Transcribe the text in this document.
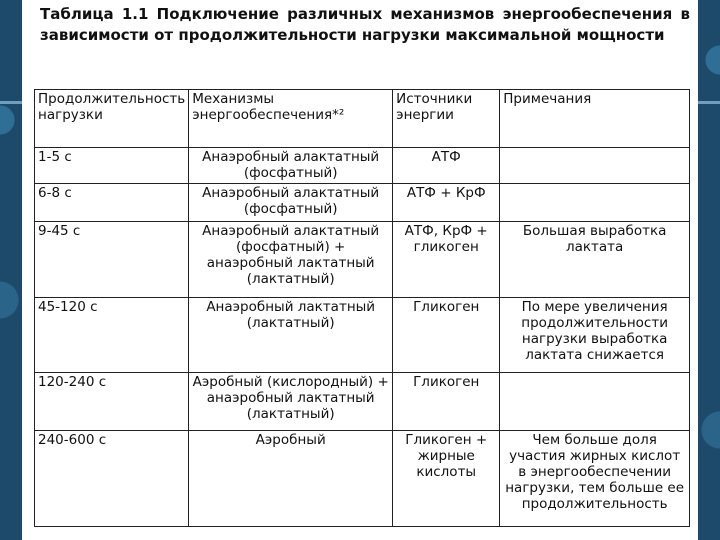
Таблица 1.1 Подключение различных механизмов энергообеспечения в зависимости от продолжительности нагрузки максимальной мощности
Продолжительность нагрузки	Механизмы энергообеспечения*²	Источники энергии	Примечания
1-5 с	Анаэробный алактатный (фосфатный)	АТФ	
6-8 с	Анаэробный алактатный (фосфатный)	АТФ + КрФ	
9-45 с	Анаэробный алактатный (фосфатный) + анаэробный лактатный (лактатный)	АТФ, КрФ + гликоген	Большая выработка лактата
45-120 с	Анаэробный лактатный (лактатный)	Гликоген	По мере увеличения продолжительности нагрузки выработка лактата снижается
120-240 с	Аэробный (кислородный) + анаэробный лактатный (лактатный)	Гликоген	
240-600 с	Аэробный	Гликоген + жирные кислоты	Чем больше доля участия жирных кислот в энергообеспечении нагрузки, тем больше ее продолжительность
